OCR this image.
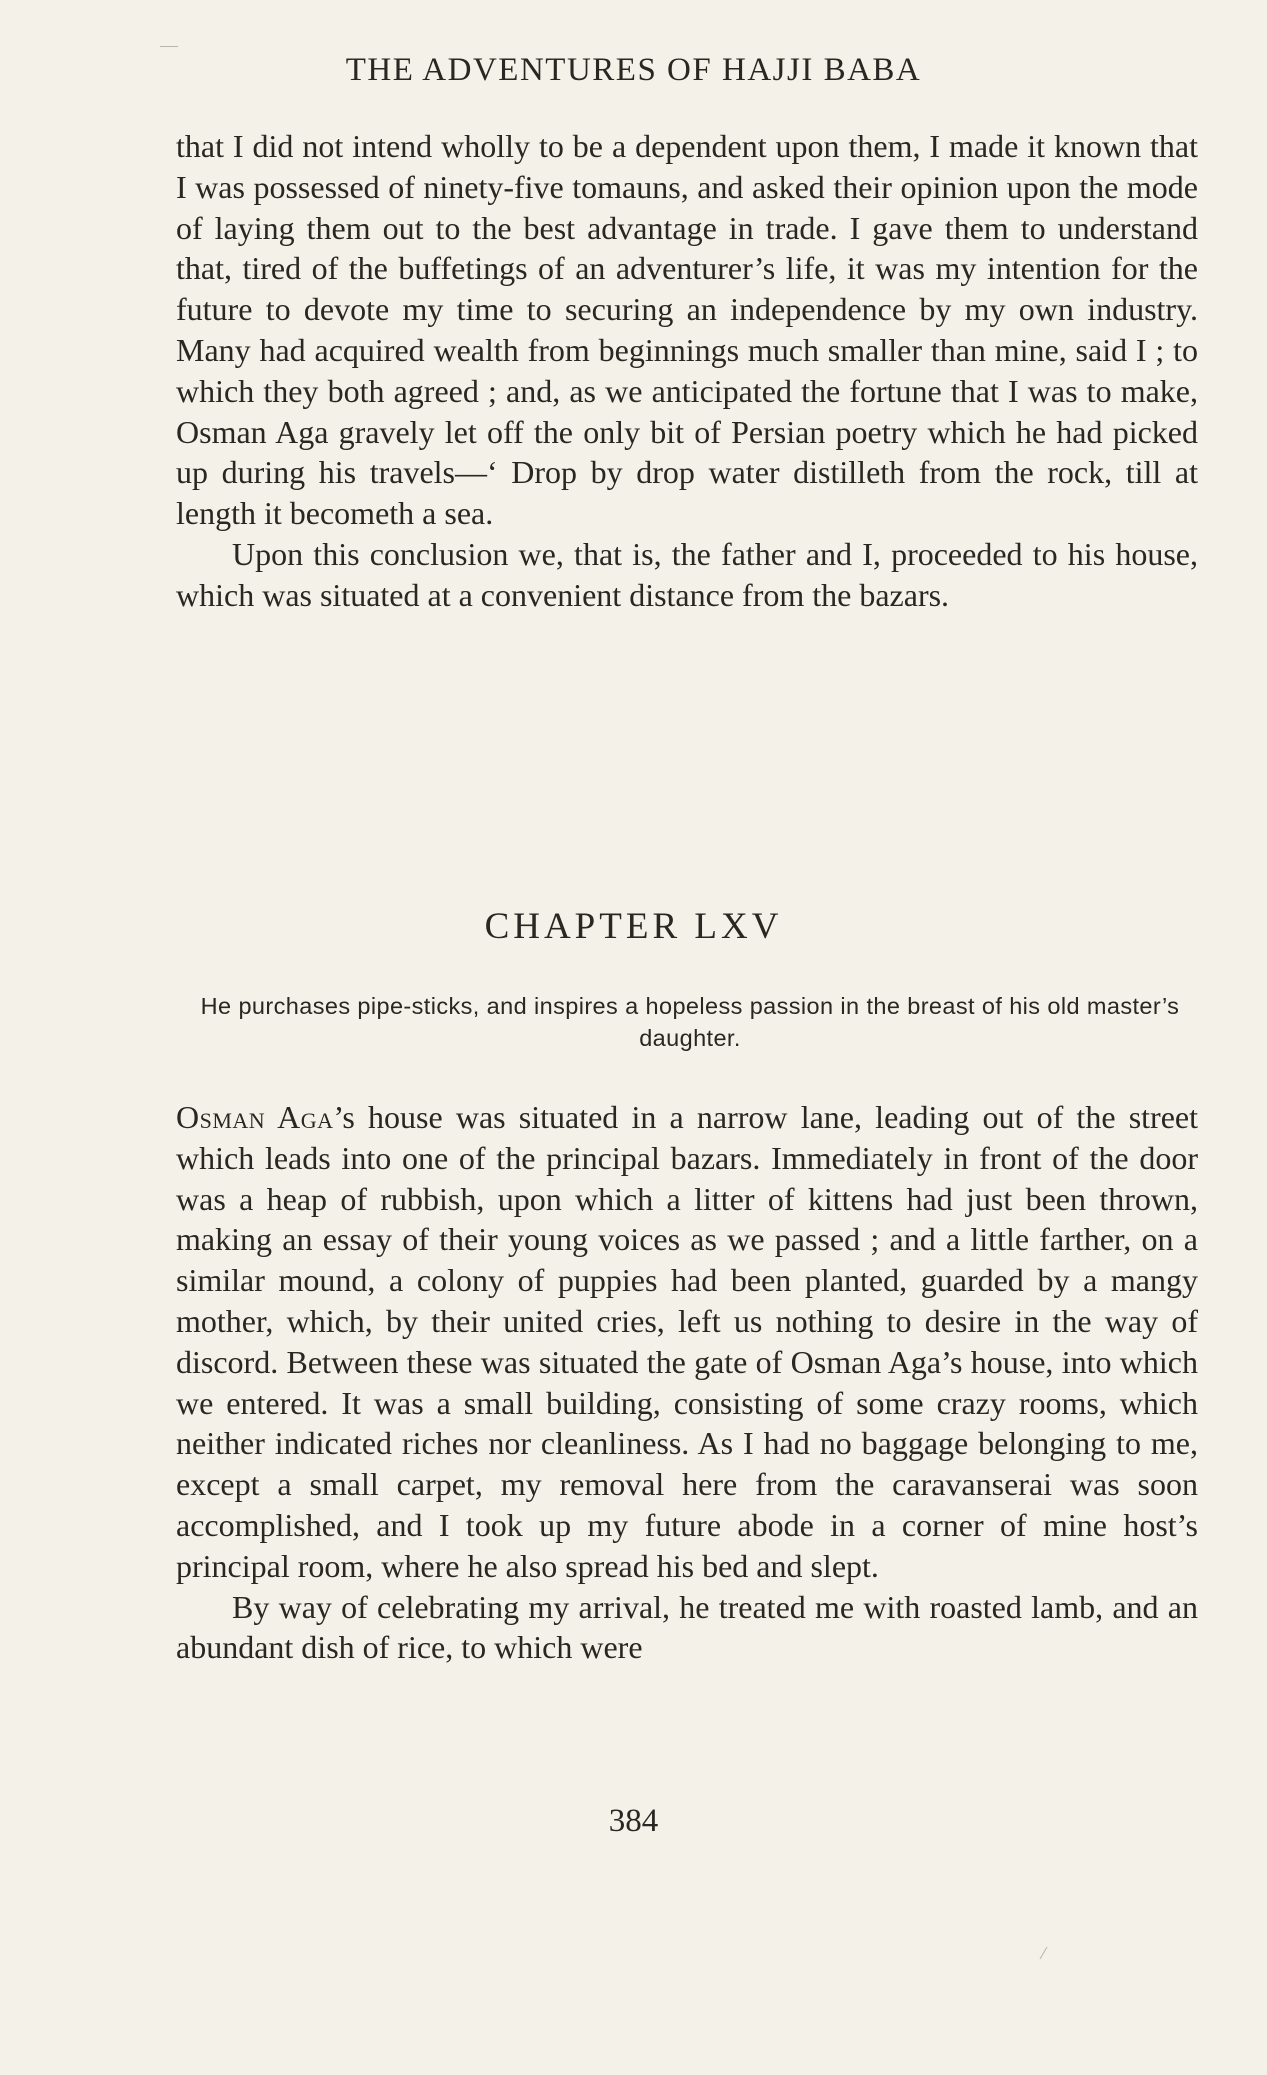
THE ADVENTURES OF HAJJI BABA

that I did not intend wholly to be a dependent upon them, I made it known that I was possessed of ninety-five tomauns, and asked their opinion upon the mode of laying them out to the best advantage in trade. I gave them to understand that, tired of the buffetings of an adventurer’s life, it was my intention for the future to devote my time to securing an independence by my own industry. Many had acquired wealth from beginnings much smaller than mine, said I ; to which they both agreed ; and, as we anticipated the fortune that I was to make, Osman Aga gravely let off the only bit of Persian poetry which he had picked up during his travels—‘ Drop by drop water distilleth from the rock, till at length it becometh a sea.

Upon this conclusion we, that is, the father and I, proceeded to his house, which was situated at a convenient distance from the bazars.

CHAPTER LXV
He purchases pipe-sticks, and inspires a hopeless passion in the breast of his old master’s daughter.

Osman Aga’s house was situated in a narrow lane, leading out of the street which leads into one of the principal bazars. Immediately in front of the door was a heap of rubbish, upon which a litter of kittens had just been thrown, making an essay of their young voices as we passed ; and a little farther, on a similar mound, a colony of puppies had been planted, guarded by a mangy mother, which, by their united cries, left us nothing to desire in the way of discord. Between these was situated the gate of Osman Aga’s house, into which we entered. It was a small building, consisting of some crazy rooms, which neither indicated riches nor cleanliness. As I had no baggage belonging to me, except a small carpet, my removal here from the caravanserai was soon accomplished, and I took up my future abode in a corner of mine host’s principal room, where he also spread his bed and slept.

By way of celebrating my arrival, he treated me with roasted lamb, and an abundant dish of rice, to which were

384
